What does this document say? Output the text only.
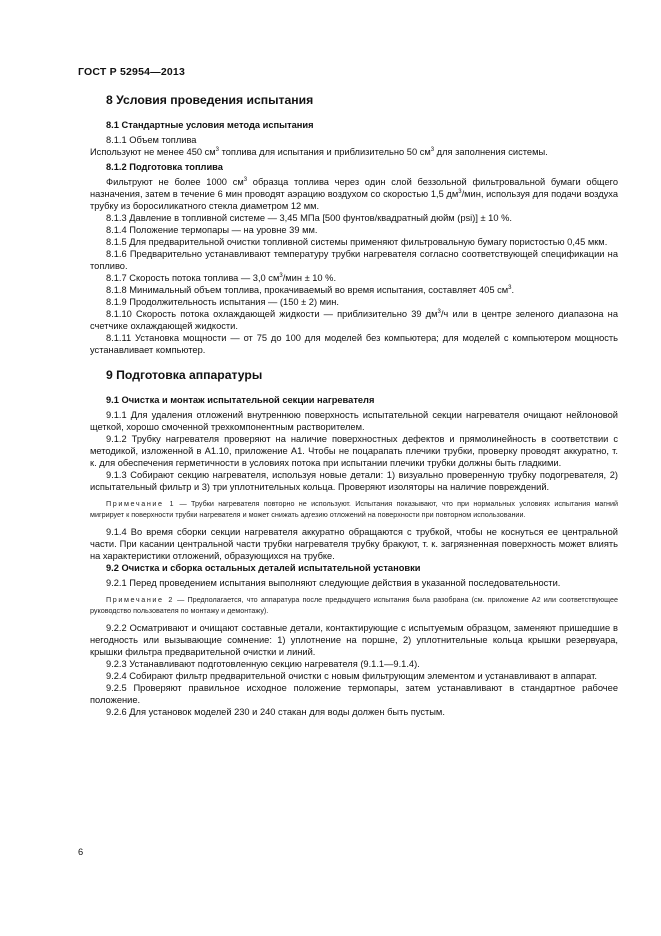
ГОСТ Р 52954—2013
8 Условия проведения испытания
8.1 Стандартные условия метода испытания

8.1.1 Объем топлива

Используют не менее 450 $см^3$ топлива для испытания и приблизительно 50 $см^3$ для заполнения системы.

8.1.2 Подготовка топлива

Фильтруют не более 1000 $см^3$ образца топлива через один слой беззольной фильтровальной бумаги общего назначения, затем в течение 6 мин проводят аэрацию воздухом со скоростью 1,5 $дм^3$/мин, используя для подачи воздуха трубку из боросиликатного стекла диаметром 12 мм.

8.1.3 Давление в топливной системе — 3,45 МПа [500 фунтов/квадратный дюйм (psi)] ± 10 %.

8.1.4 Положение термопары — на уровне 39 мм.

8.1.5 Для предварительной очистки топливной системы применяют фильтровальную бумагу пористостью 0,45 мкм.

8.1.6 Предварительно устанавливают температуру трубки нагревателя согласно соответствующей спецификации на топливо.

8.1.7 Скорость потока топлива — 3,0 $см^3$/мин ± 10 %.

8.1.8 Минимальный объем топлива, прокачиваемый во время испытания, составляет 405 $см^3$.

8.1.9 Продолжительность испытания — (150 ± 2) мин.

8.1.10 Скорость потока охлаждающей жидкости — приблизительно 39 $дм^3/ч$ или в центре зеленого диапазона на счетчике охлаждающей жидкости.

8.1.11 Установка мощности — от 75 до 100 для моделей без компьютера; для моделей с компьютером мощность устанавливает компьютер.

9 Подготовка аппаратуры
9.1 Очистка и монтаж испытательной секции нагревателя

9.1.1 Для удаления отложений внутреннюю поверхность испытательной секции нагревателя очищают нейлоновой щеткой, хорошо смоченной трехкомпонентным растворителем.

9.1.2 Трубку нагревателя проверяют на наличие поверхностных дефектов и прямолинейность в соответствии с методикой, изложенной в А1.10, приложение А1. Чтобы не поцарапать плечики трубки, проверку проводят аккуратно, т. к. для обеспечения герметичности в условиях потока при испытании плечики трубки должны быть гладкими.

9.1.3 Собирают секцию нагревателя, используя новые детали: 1) визуально проверенную трубку подогревателя, 2) испытательный фильтр и 3) три уплотнительных кольца. Проверяют изоляторы на наличие повреждений.

Примечание 1 — Трубки нагревателя повторно не используют. Испытания показывают, что при нормальных условиях испытания магний мигрирует к поверхности трубки нагревателя и может снижать адгезию отложений на поверхности при повторном использовании.

9.1.4 Во время сборки секции нагревателя аккуратно обращаются с трубкой, чтобы не коснуться ее центральной части. При касании центральной части трубки нагревателя трубку бракуют, т. к. загрязненная поверхность может влиять на характеристики отложений, образующихся на трубке.

9.2 Очистка и сборка остальных деталей испытательной установки

9.2.1 Перед проведением испытания выполняют следующие действия в указанной последовательности.

Примечание 2 — Предполагается, что аппаратура после предыдущего испытания была разобрана (см. приложение А2 или соответствующее руководство пользователя по монтажу и демонтажу).

9.2.2 Осматривают и очищают составные детали, контактирующие с испытуемым образцом, заменяют пришедшие в негодность или вызывающие сомнение: 1) уплотнение на поршне, 2) уплотнительные кольца крышки резервуара, крышки фильтра предварительной очистки и линий.

9.2.3 Устанавливают подготовленную секцию нагревателя (9.1.1—9.1.4).

9.2.4 Собирают фильтр предварительной очистки с новым фильтрующим элементом и устанавливают в аппарат.

9.2.5 Проверяют правильное исходное положение термопары, затем устанавливают в стандартное рабочее положение.

9.2.6 Для установок моделей 230 и 240 стакан для воды должен быть пустым.

6
